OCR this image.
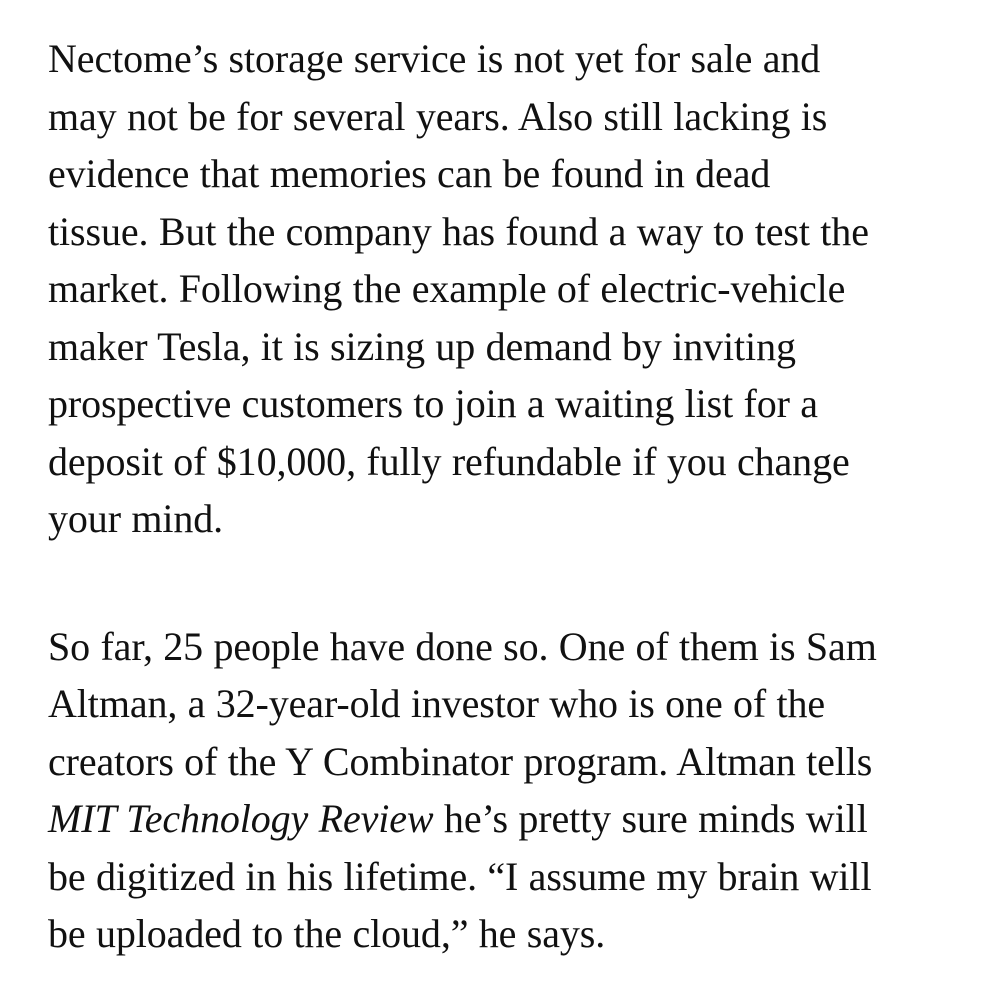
Nectome’s storage service is not yet for sale and
may not be for several years. Also still lacking is
evidence that memories can be found in dead
tissue. But the company has found a way to test the
market. Following the example of electric-vehicle
maker Tesla, it is sizing up demand by inviting
prospective customers to join a waiting list for a
deposit of $10,000, fully refundable if you change
your mind.

So far, 25 people have done so. One of them is Sam
Altman, a 32-year-old investor who is one of the
creators of the Y Combinator program. Altman tells
MIT Technology Review he’s pretty sure minds will
be digitized in his lifetime. “I assume my brain will
be uploaded to the cloud,” he says.
